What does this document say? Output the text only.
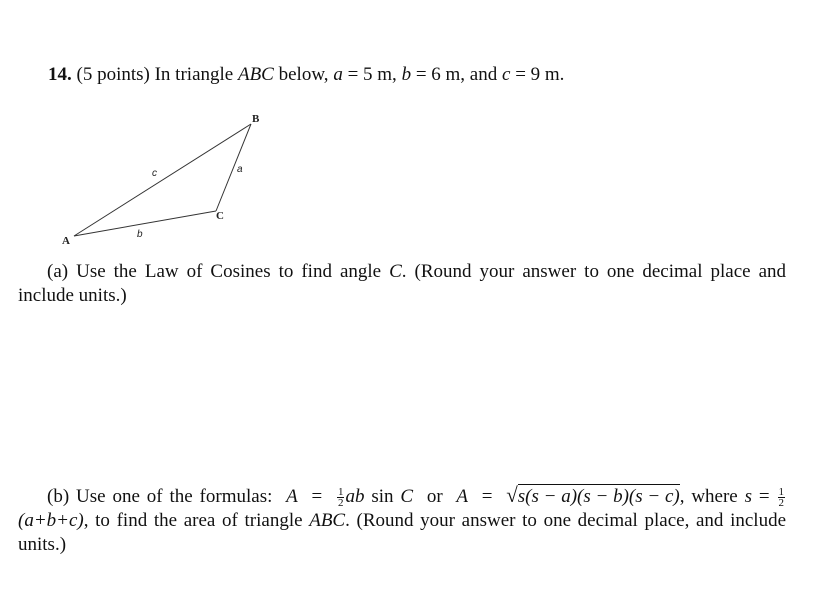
14. (5 points) In triangle ABC below, a = 5 m, b = 6 m, and c = 9 m.
A
B
C
c	a
b
(a) Use the Law of Cosines to find angle C. (Round your answer to one decimal place and include units.)
(b) Use one of the formulas: $A = \frac{1}{2}$ ab sin C or A = √s(s − a)(s − b)(s − c), where $s = \frac{1}{2}$
(a+b+c), to find the area of triangle ABC. (Round your answer to one decimal place, and include units.)
